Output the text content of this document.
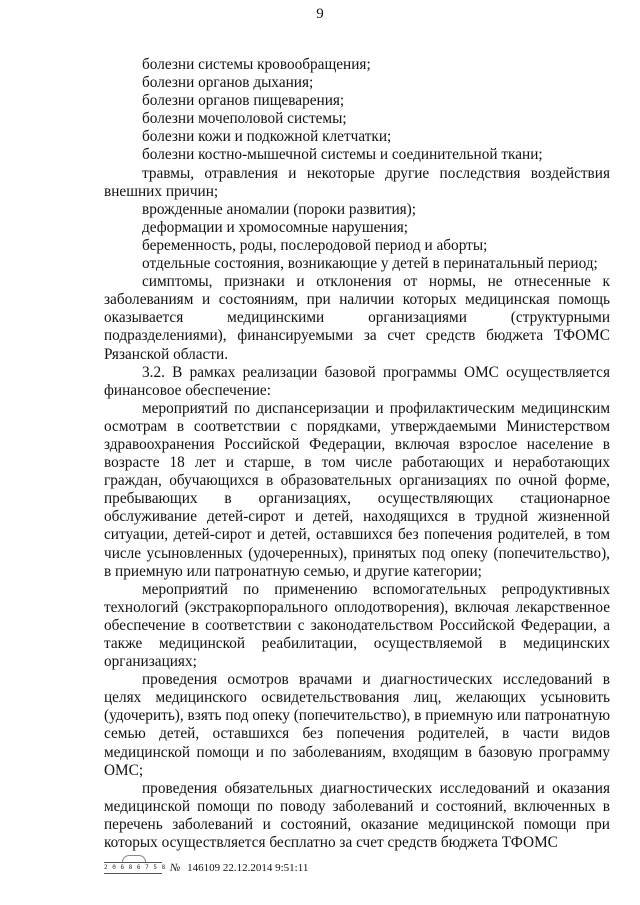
9

болезни системы кровообращения;

болезни органов дыхания;

болезни органов пищеварения;

болезни мочеполовой системы;

болезни кожи и подкожной клетчатки;

болезни костно-мышечной системы и соединительной ткани;

травмы, отравления и некоторые другие последствия воздействия внешних причин;

врожденные аномалии (пороки развития);

деформации и хромосомные нарушения;

беременность, роды, послеродовой период и аборты;

отдельные состояния, возникающие у детей в перинатальный период;

симптомы, признаки и отклонения от нормы, не отнесенные к заболеваниям и состояниям, при наличии которых медицинская помощь оказывается медицинскими организациями (структурными подразделениями), финансируемыми за счет средств бюджета ТФОМС Рязанской области.

3.2. В рамках реализации базовой программы ОМС осуществляется финансовое обеспечение:

мероприятий по диспансеризации и профилактическим медицинским осмотрам в соответствии с порядками, утверждаемыми Министерством здравоохранения Российской Федерации, включая взрослое население в возрасте 18 лет и старше, в том числе работающих и неработающих граждан, обучающихся в образовательных организациях по очной форме, пребывающих в организациях, осуществляющих стационарное обслуживание детей-сирот и детей, находящихся в трудной жизненной ситуации, детей-сирот и детей, оставшихся без попечения родителей, в том числе усыновленных (удочеренных), принятых под опеку (попечительство), в приемную или патронатную семью, и другие категории;

мероприятий по применению вспомогательных репродуктивных технологий (экстракорпорального оплодотворения), включая лекарственное обеспечение в соответствии с законодательством Российской Федерации, а также медицинской реабилитации, осуществляемой в медицинских организациях;

проведения осмотров врачами и диагностических исследований в целях медицинского освидетельствования лиц, желающих усыновить (удочерить), взять под опеку (попечительство), в приемную или патронатную семью детей, оставшихся без попечения родителей, в части видов медицинской помощи и по заболеваниям, входящим в базовую программу ОМС;

проведения обязательных диагностических исследований и оказания медицинской помощи по поводу заболеваний и состояний, включенных в перечень заболеваний и состояний, оказание медицинской помощи при которых осуществляется бесплатно за счет средств бюджета ТФОМС

2 0 6 8 6 7 5 8 № 146109 22.12.2014 9:51:11
